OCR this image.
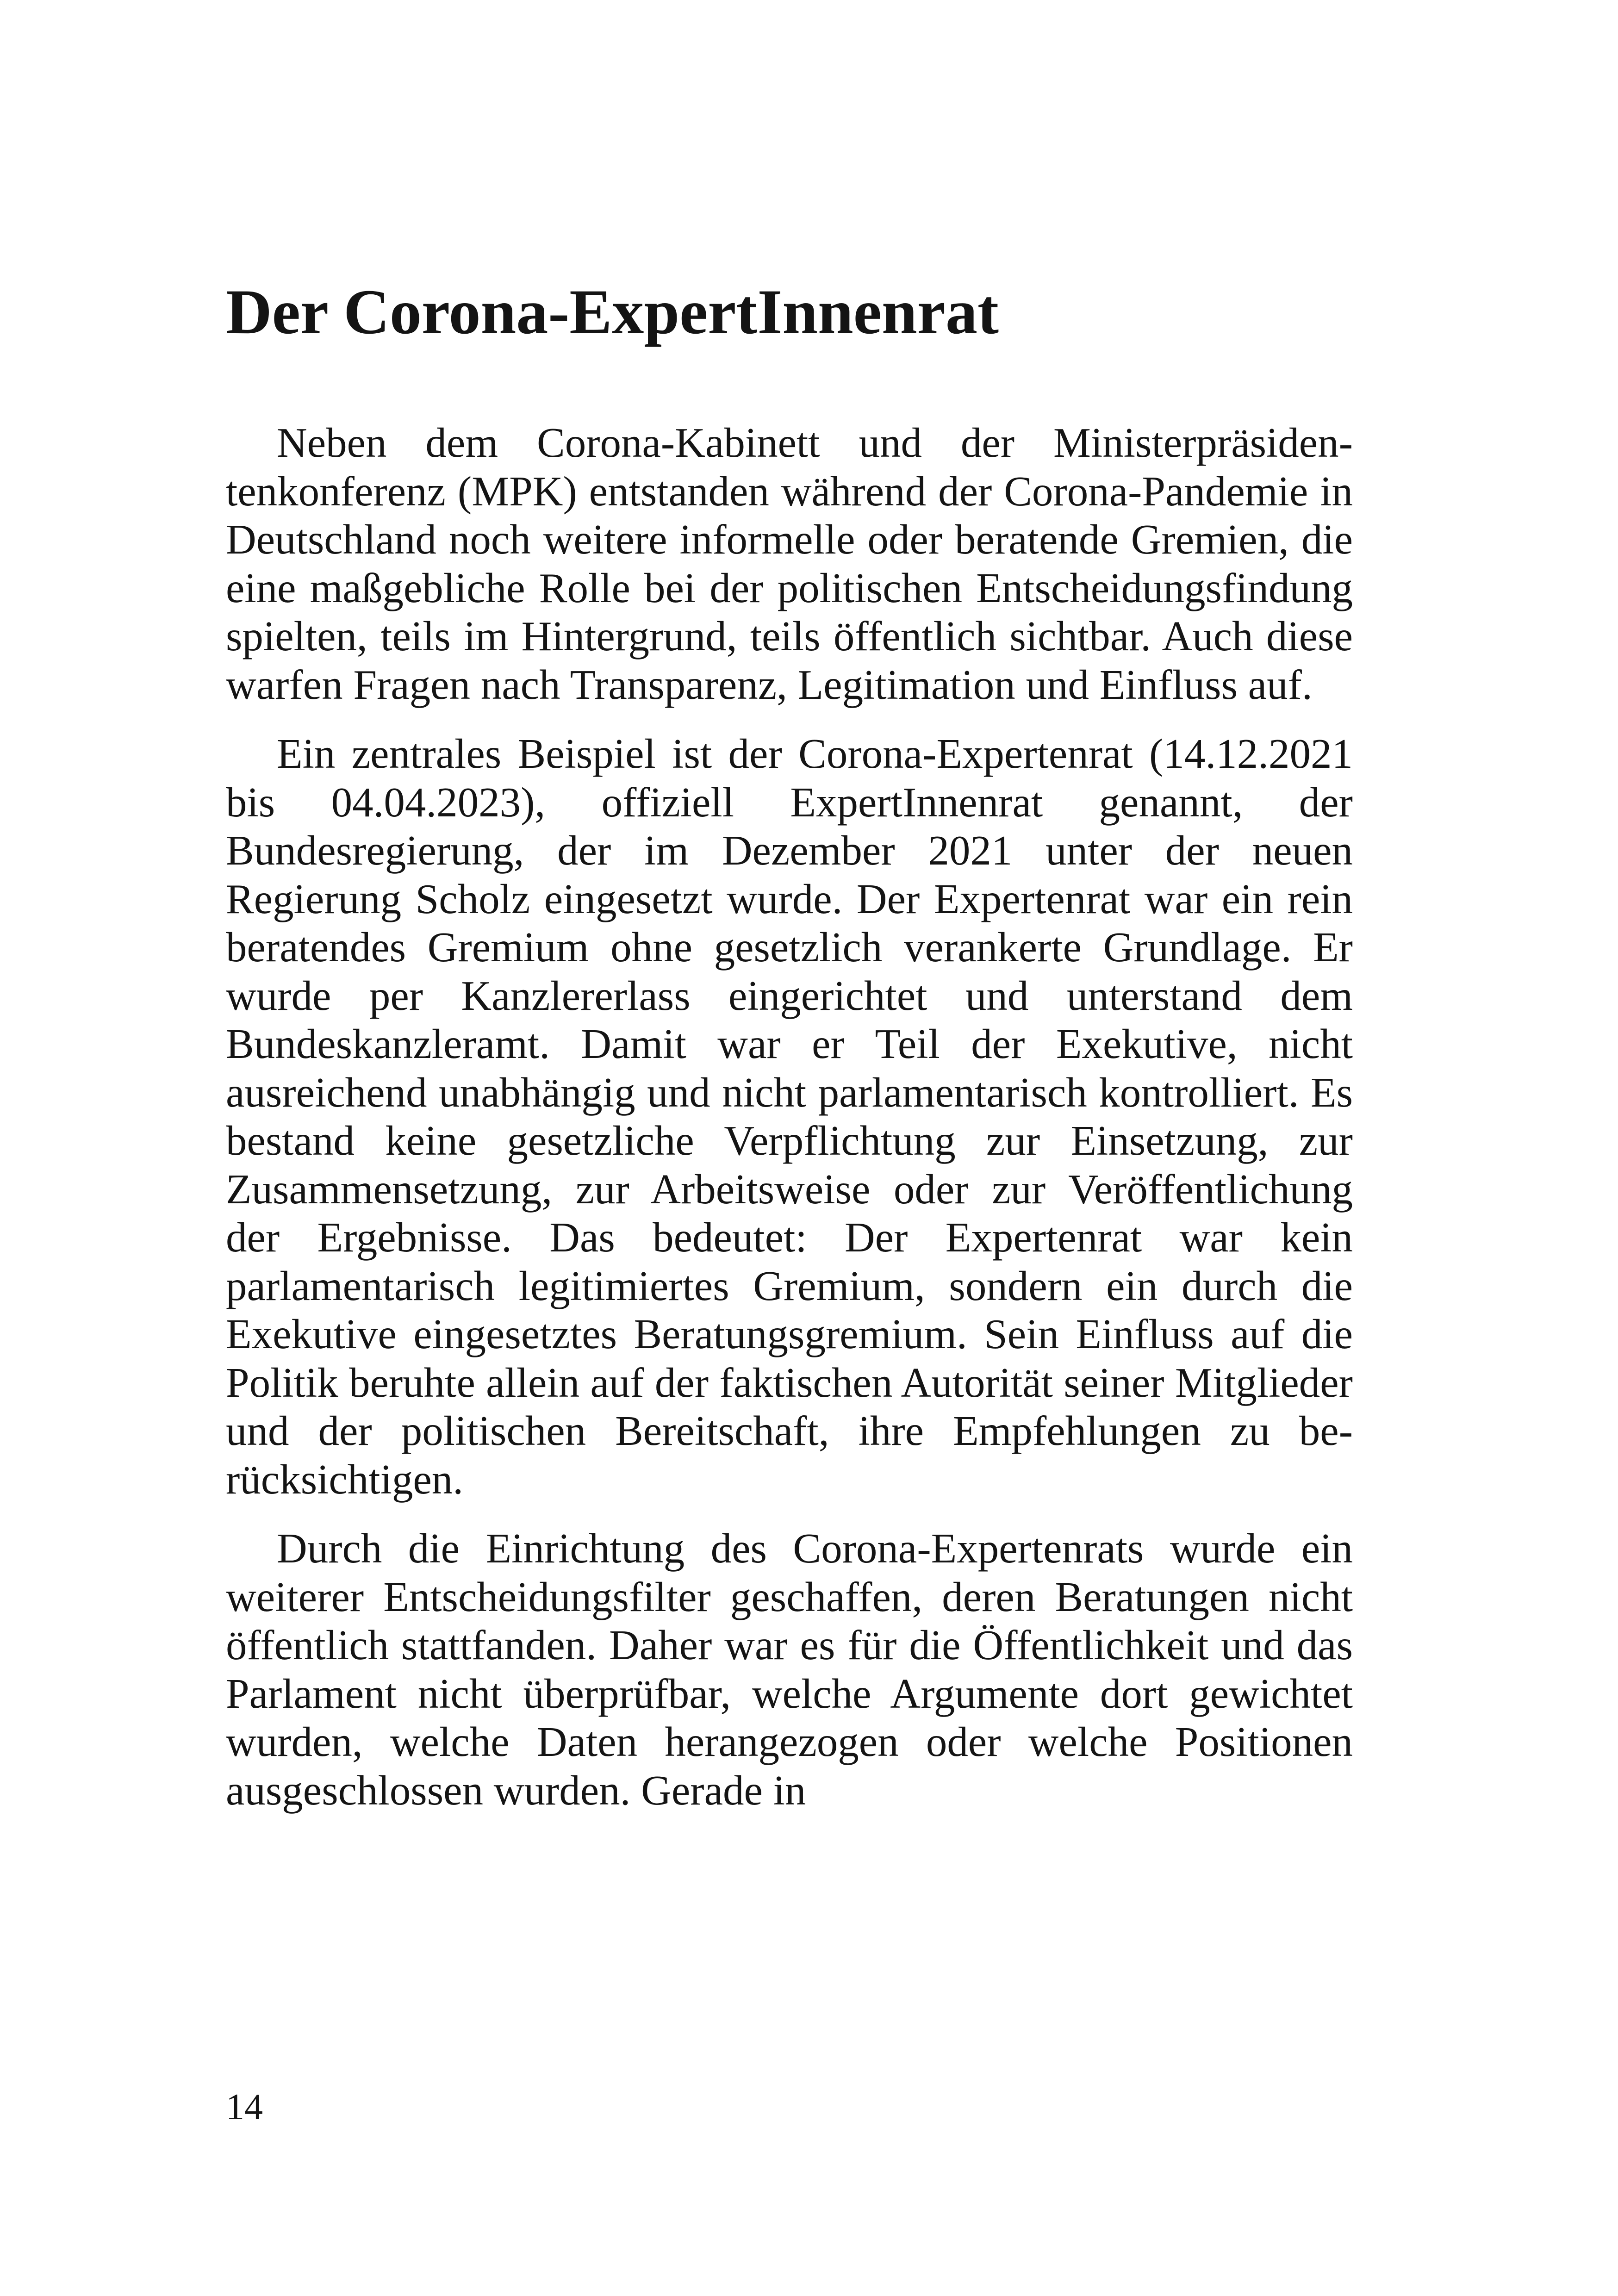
Der Corona-ExpertInnenrat

Neben dem Corona-Kabinett und der Ministerpräsidentenkonferenz (MPK) entstanden während der Corona-Pandemie in Deutschland noch weitere informelle oder beratende Gremien, die eine maßgebliche Rolle bei der politischen Entscheidungsfindung spielten, teils im Hintergrund, teils öffentlich sichtbar. Auch diese warfen Fragen nach Transparenz, Legitimation und Einfluss auf.

Ein zentrales Beispiel ist der Corona-Expertenrat (14.12.2021 bis 04.04.2023), offiziell ExpertInnenrat genannt, der Bundesregierung, der im Dezember 2021 unter der neuen Regierung Scholz eingesetzt wurde. Der Expertenrat war ein rein beratendes Gremium ohne gesetzlich verankerte Grundlage. Er wurde per Kanzlererlass eingerichtet und unterstand dem Bundeskanzleramt. Damit war er Teil der Exekutive, nicht ausreichend unabhängig und nicht parlamentarisch kontrolliert. Es bestand keine gesetzliche Verpflichtung zur Einsetzung, zur Zusammensetzung, zur Arbeitsweise oder zur Veröffentlichung der Ergebnisse. Das bedeutet: Der Expertenrat war kein parlamentarisch legitimiertes Gremium, sondern ein durch die Exekutive eingesetztes Beratungsgremium. Sein Einfluss auf die Politik beruhte allein auf der faktischen Autorität seiner Mitglieder und der politischen Bereitschaft, ihre Empfehlungen zu berücksichtigen.

Durch die Einrichtung des Corona-Expertenrats wurde ein weiterer Entscheidungsfilter geschaffen, deren Beratungen nicht öffentlich stattfanden. Daher war es für die Öffentlichkeit und das Parlament nicht überprüfbar, welche Argumente dort gewichtet wurden, welche Daten herangezogen oder welche Positionen ausgeschlossen wurden. Gerade in

14
